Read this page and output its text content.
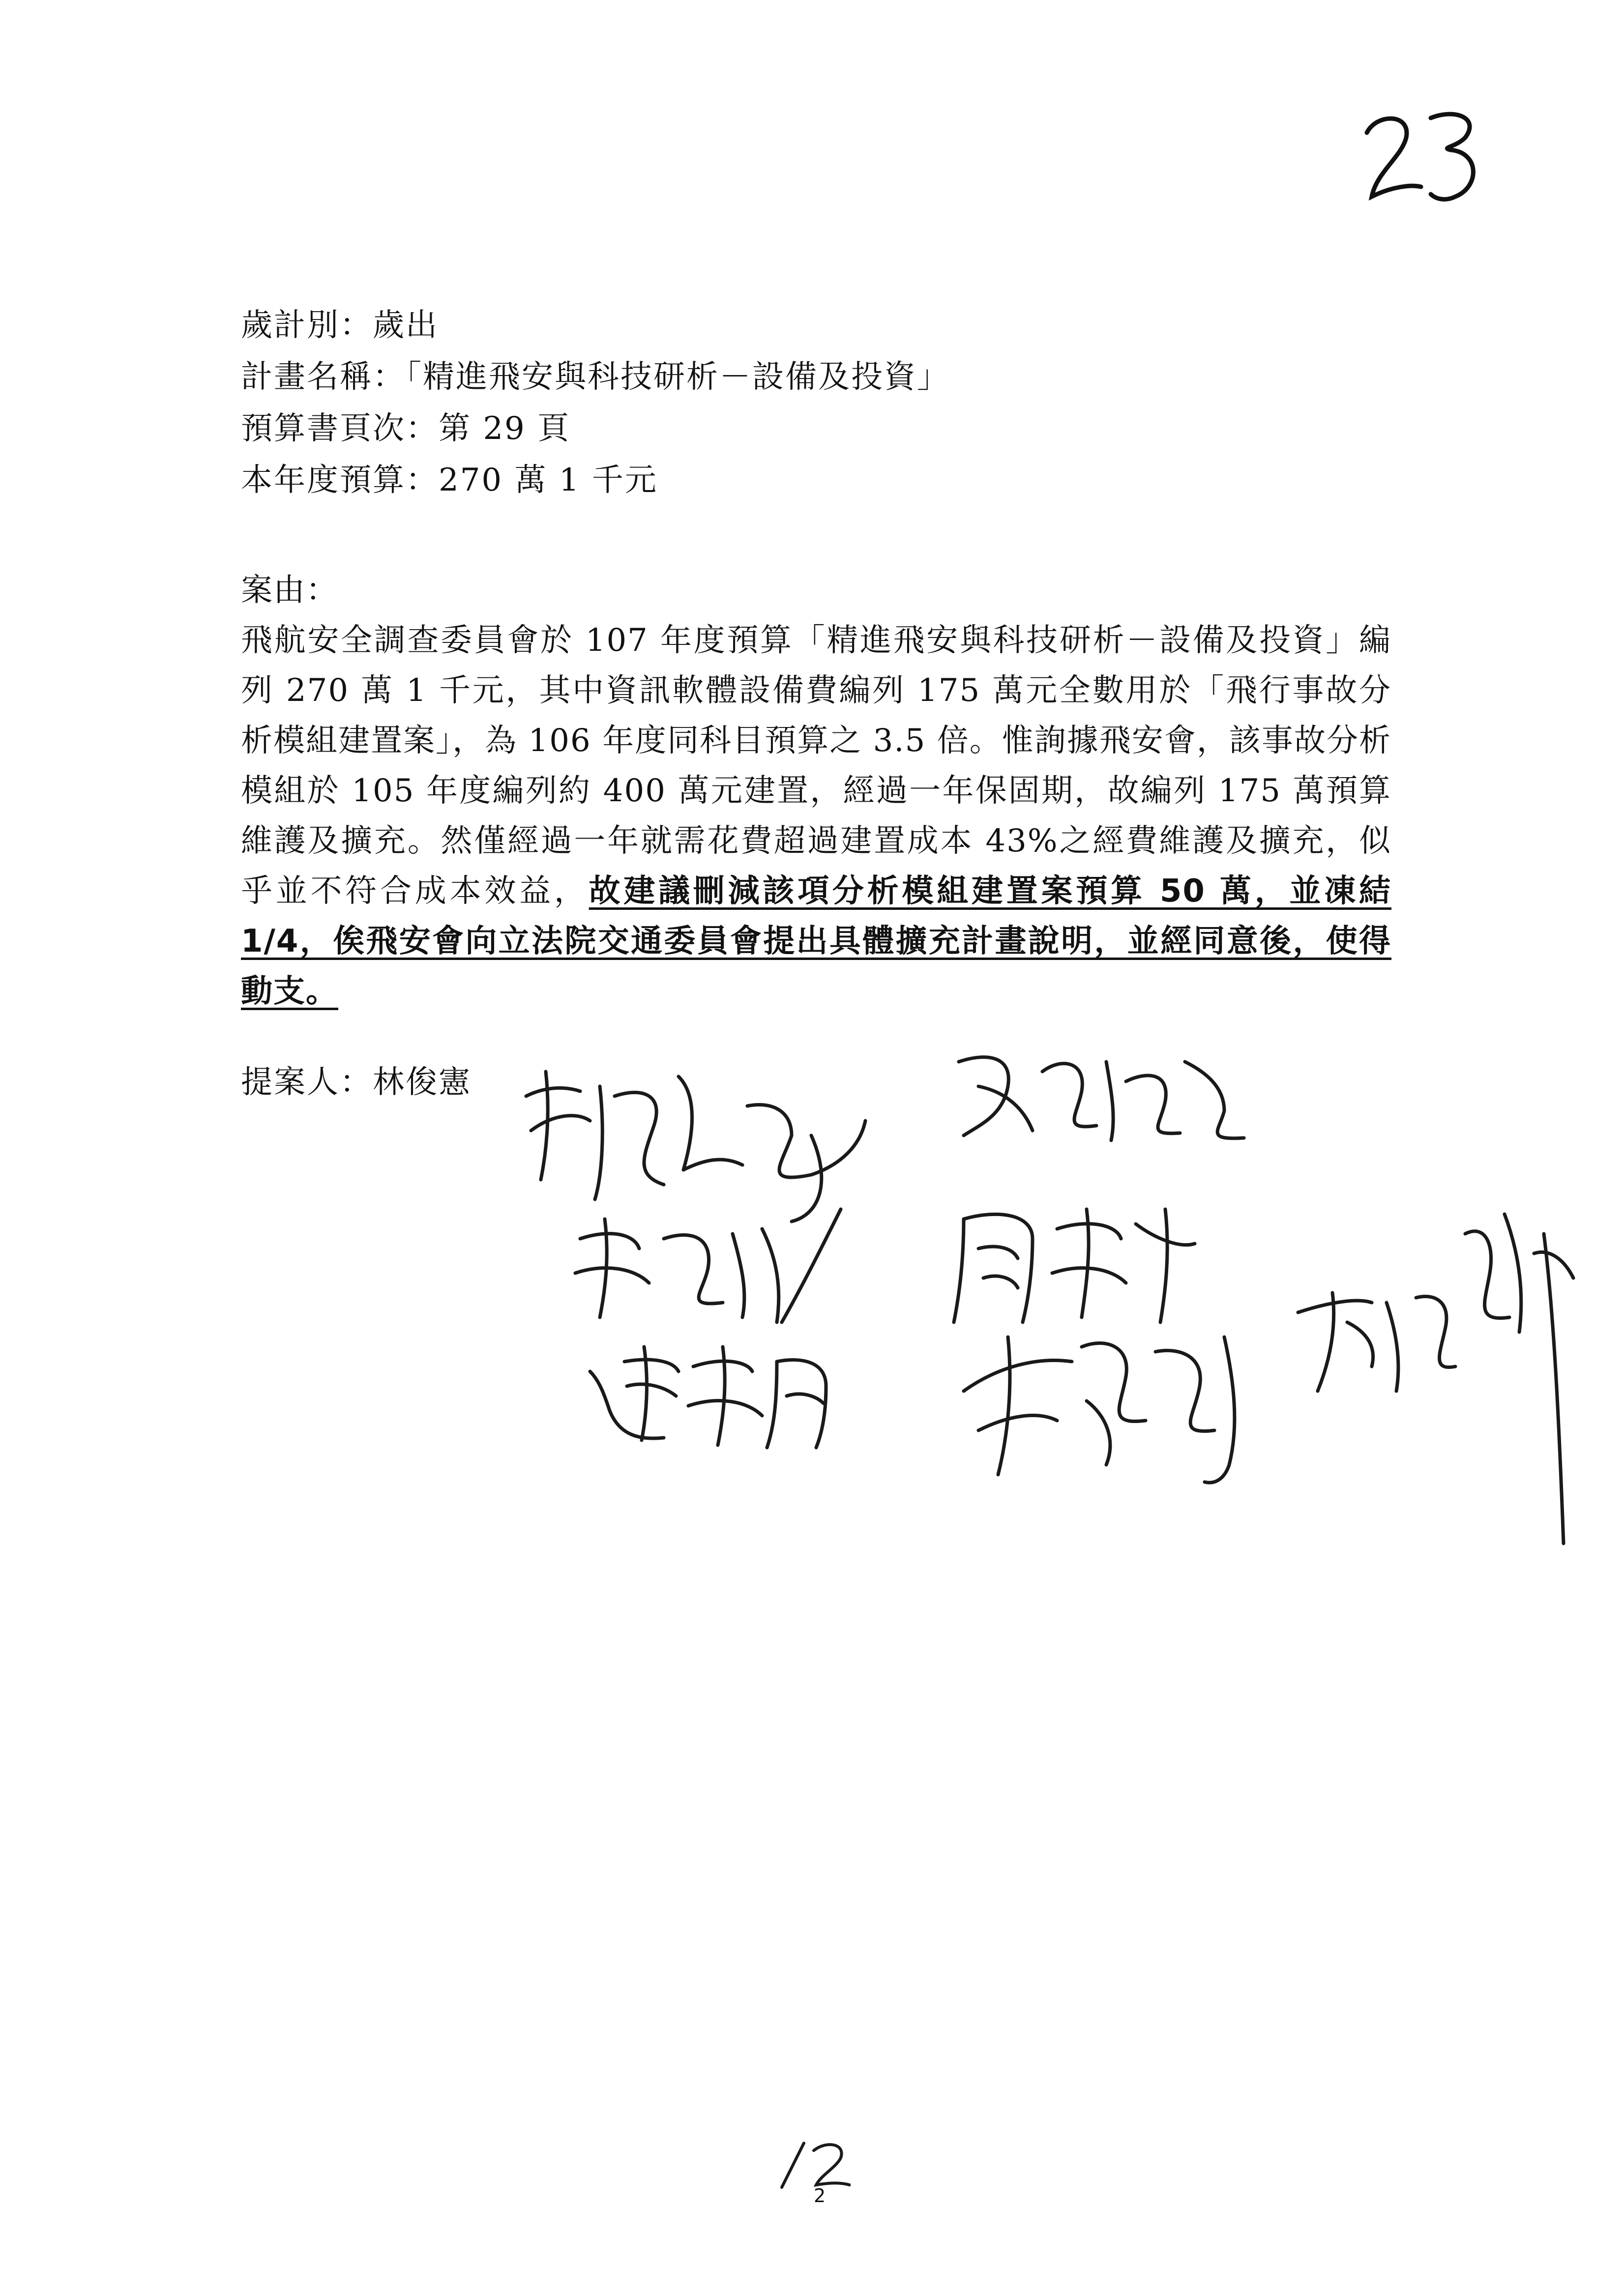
歲計別：歲出
計畫名稱：「精進飛安與科技研析－設備及投資」
預算書頁次：第 29 頁
本年度預算：270 萬 1 千元
案由：
飛航安全調查委員會於 107 年度預算「精進飛安與科技研析－設備及投資」編列 270 萬 1 千元，其中資訊軟體設備費編列 175 萬元全數用於「飛行事故分析模組建置案」，為 106 年度同科目預算之 3.5 倍。惟詢據飛安會，該事故分析模組於 105 年度編列約 400 萬元建置，經過一年保固期，故編列 175 萬預算維護及擴充。然僅經過一年就需花費超過建置成本 43%之經費維護及擴充，似乎並不符合成本效益，故建議刪減該項分析模組建置案預算 50 萬，並凍結 1/4，俟飛安會向立法院交通委員會提出具體擴充計畫說明，並經同意後，使得動支。
提案人：林俊憲
2
